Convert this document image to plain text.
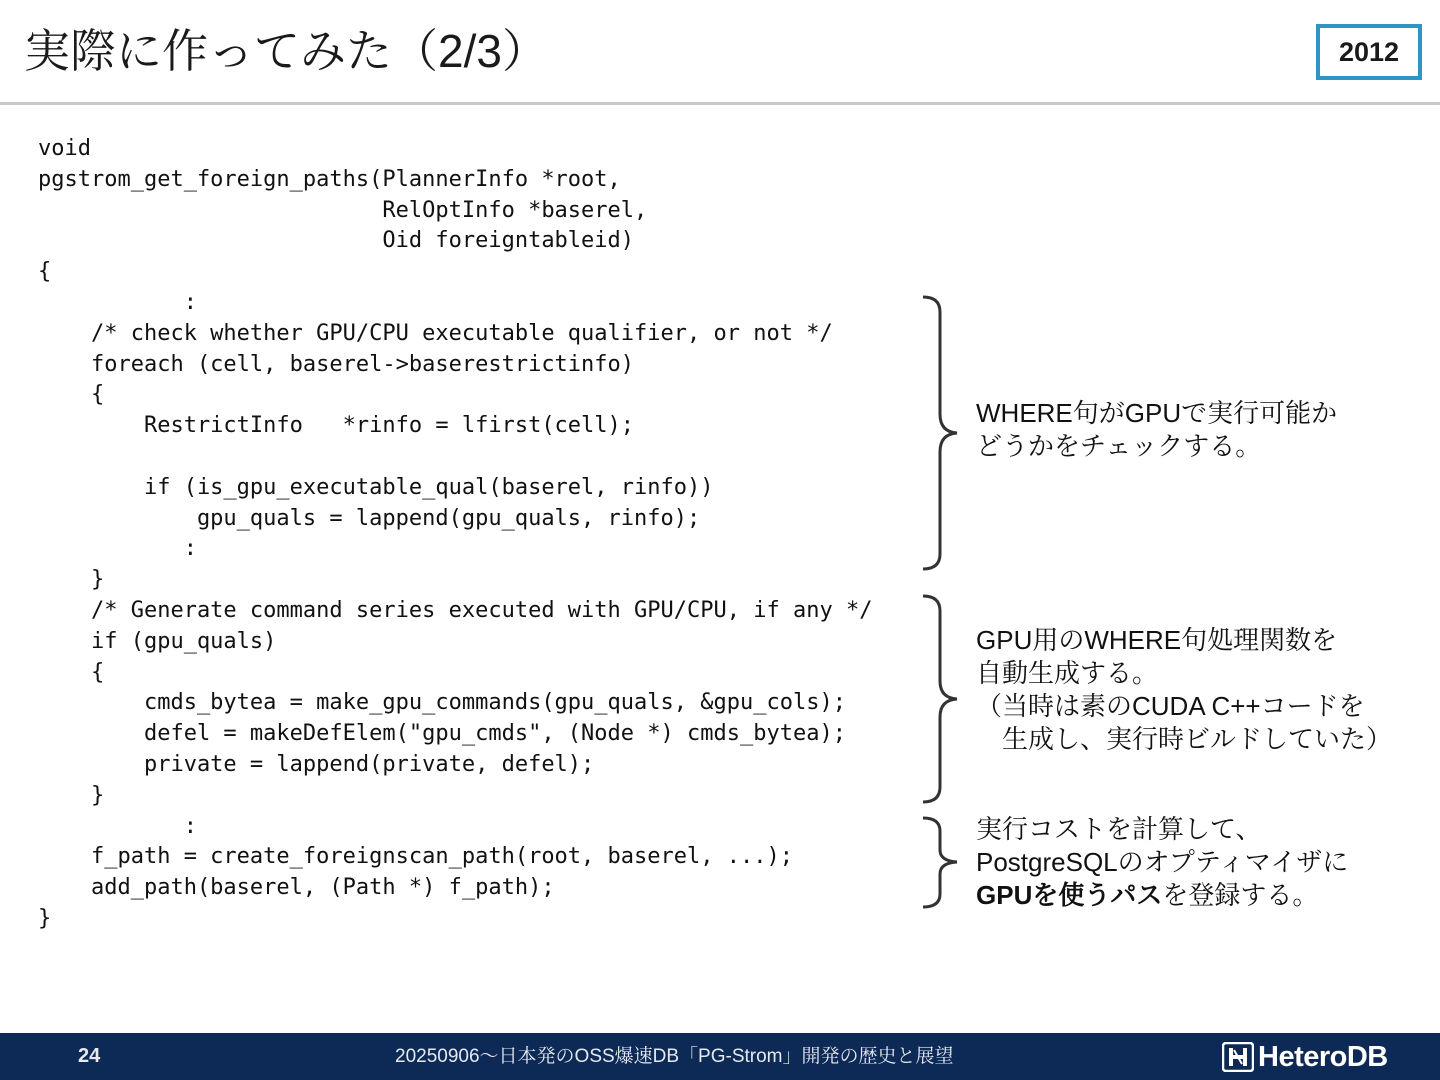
実際に作ってみた（2/3）	2012
void
pgstrom_get_foreign_paths(PlannerInfo *root,
RelOptInfo *baserel,
Oid foreigntableid)
{
:
/* check whether GPU/CPU executable qualifier, or not */
foreach (cell, baserel->baserestrictinfo)
{
RestrictInfo   *rinfo = lfirst(cell);
if (is_gpu_executable_qual(baserel, rinfo))
gpu_quals = lappend(gpu_quals, rinfo);
:
}
/* Generate command series executed with GPU/CPU, if any */
if (gpu_quals)
{
cmds_bytea = make_gpu_commands(gpu_quals, &gpu_cols);
defel = makeDefElem("gpu_cmds", (Node *) cmds_bytea);
private = lappend(private, defel);
}
:
f_path = create_foreignscan_path(root, baserel, ...);
add_path(baserel, (Path *) f_path);
}
WHERE句がGPUで実行可能か
どうかをチェックする。
GPU用のWHERE句処理関数を
自動生成する。
（当時は素のCUDA C++コードを
　生成し、実行時ビルドしていた）
実行コストを計算して、
PostgreSQLのオプティマイザに
GPUを使うパスを登録する。
24	20250906～日本発のOSS爆速DB「PG-Strom」開発の歴史と展望	HeteroDB
